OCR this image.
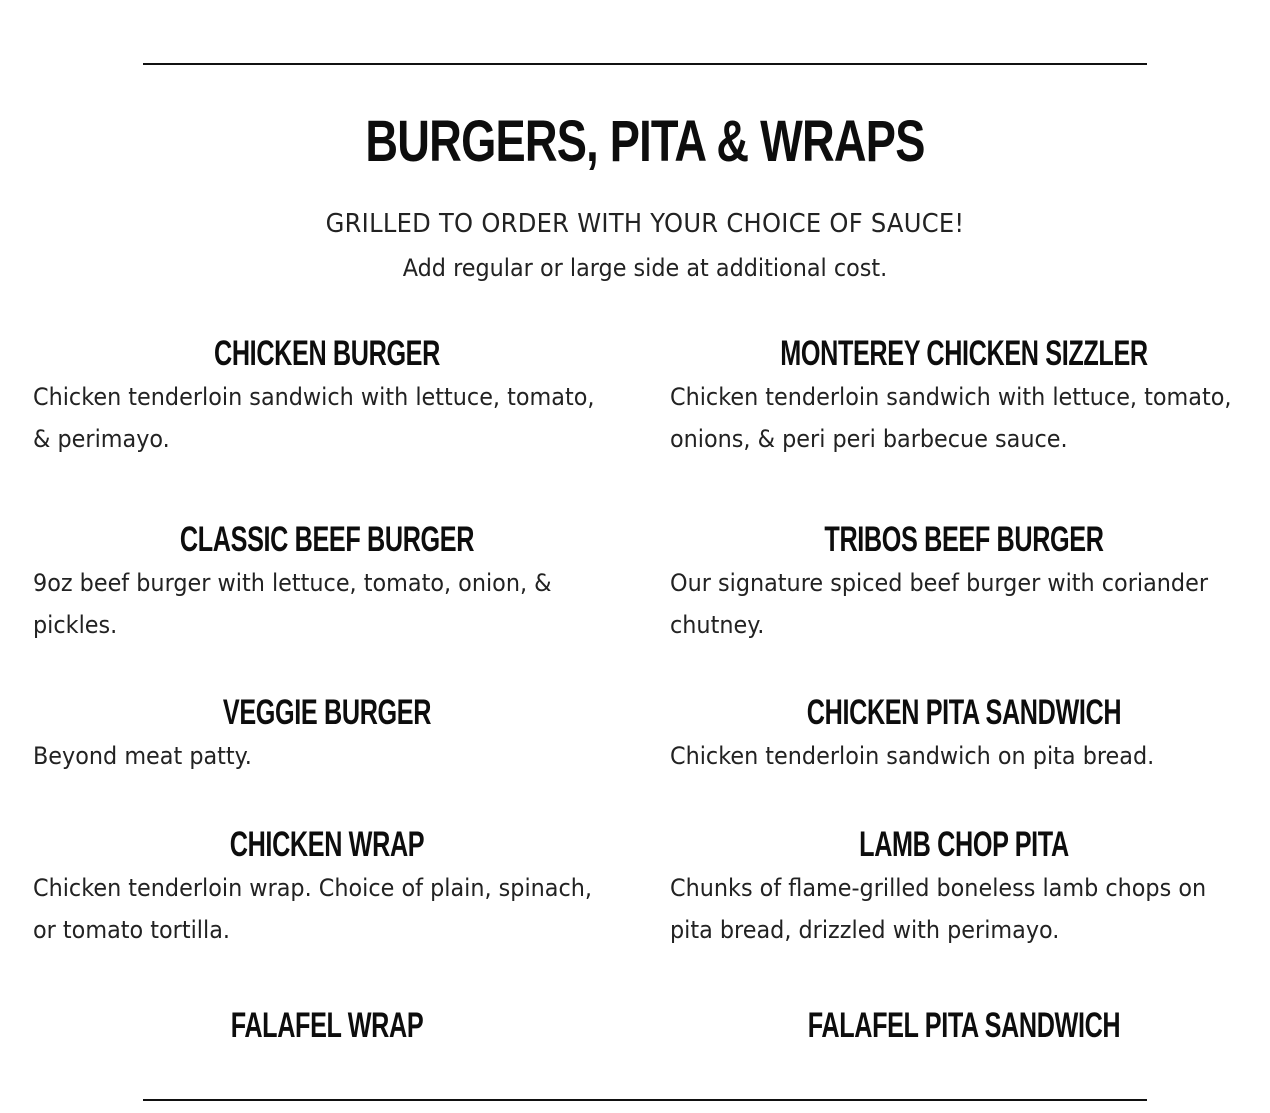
BURGERS, PITA & WRAPS
GRILLED TO ORDER WITH YOUR CHOICE OF SAUCE!
Add regular or large side at additional cost.
CHICKEN BURGER
Chicken tenderloin sandwich with lettuce, tomato, & perimayo.
MONTEREY CHICKEN SIZZLER
Chicken tenderloin sandwich with lettuce, tomato, onions, & peri peri barbecue sauce.
CLASSIC BEEF BURGER
9oz beef burger with lettuce, tomato, onion, & pickles.
TRIBOS BEEF BURGER
Our signature spiced beef burger with coriander chutney.
VEGGIE BURGER
Beyond meat patty.
CHICKEN PITA SANDWICH
Chicken tenderloin sandwich on pita bread.
CHICKEN WRAP
Chicken tenderloin wrap. Choice of plain, spinach, or tomato tortilla.
LAMB CHOP PITA
Chunks of flame-grilled boneless lamb chops on pita bread, drizzled with perimayo.
FALAFEL WRAP	FALAFEL PITA SANDWICH
